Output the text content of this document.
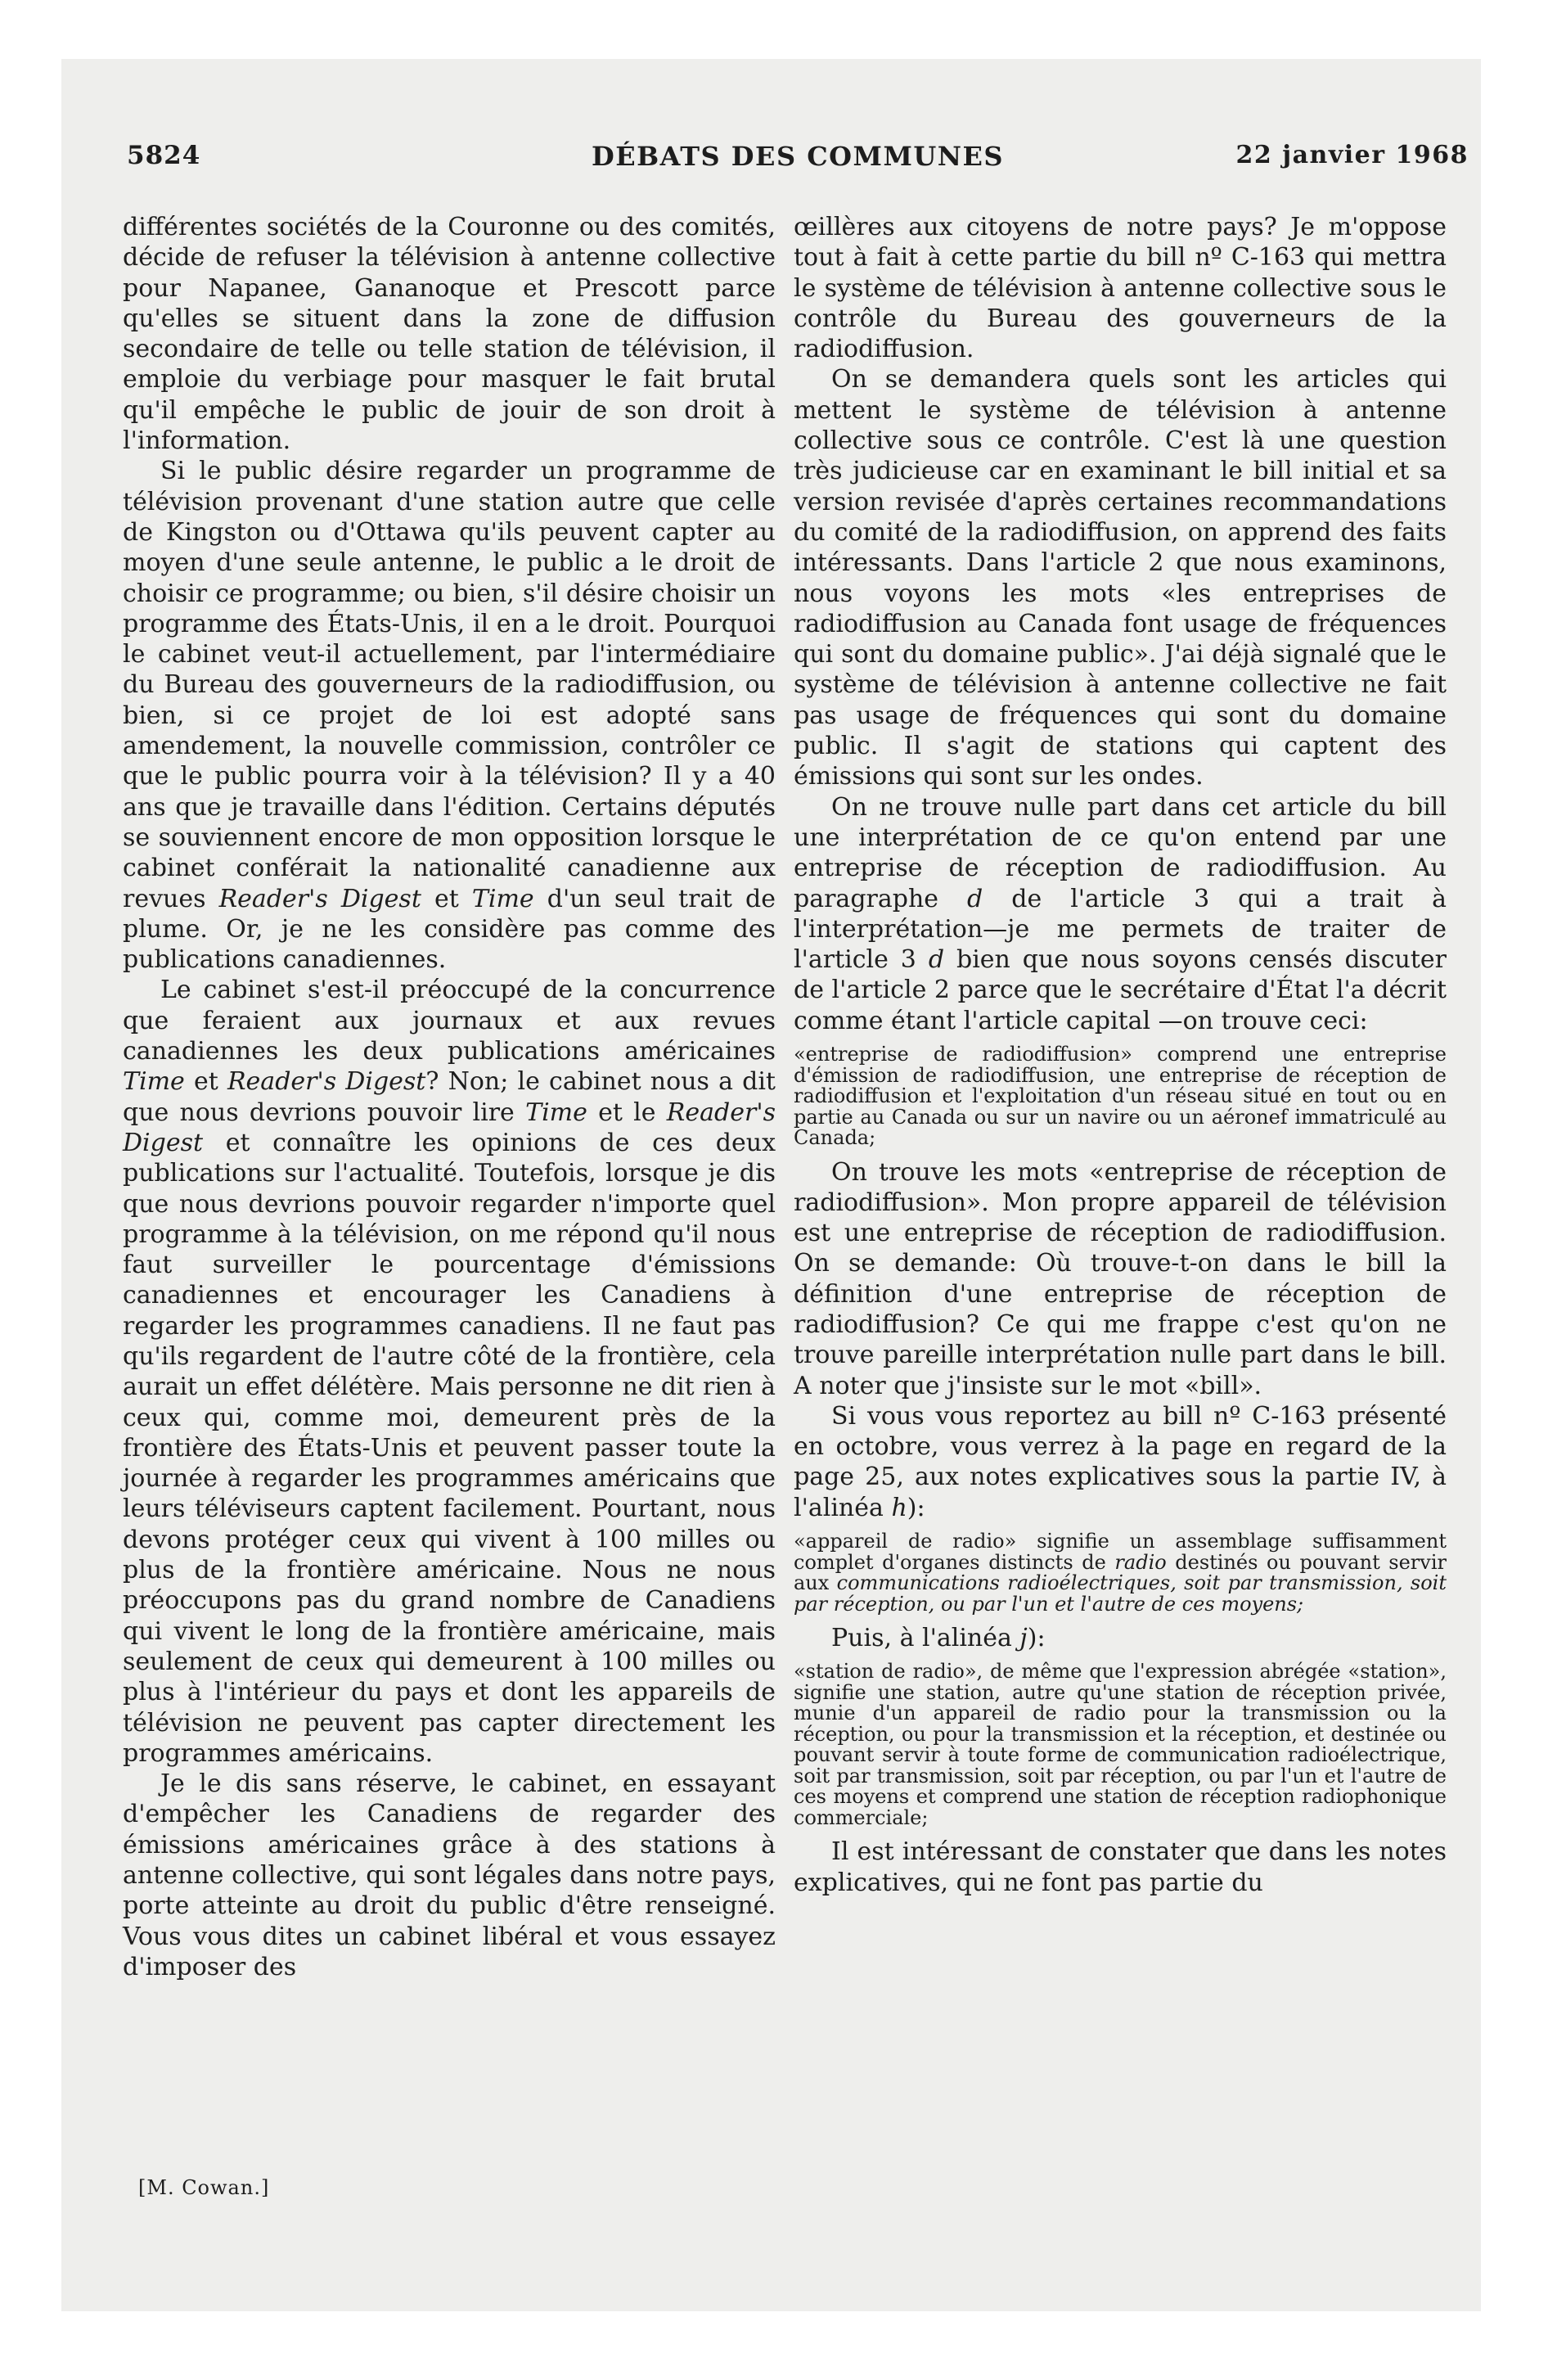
5824	DÉBATS DES COMMUNES	22 janvier 1968

différentes sociétés de la Couronne ou des comités, décide de refuser la télévision à antenne collective pour Napanee, Gananoque et Prescott parce qu'elles se situent dans la zone de diffusion secondaire de telle ou telle station de télévision, il emploie du verbiage pour masquer le fait brutal qu'il empêche le public de jouir de son droit à l'information.

Si le public désire regarder un programme de télévision provenant d'une station autre que celle de Kingston ou d'Ottawa qu'ils peuvent capter au moyen d'une seule antenne, le public a le droit de choisir ce programme; ou bien, s'il désire choisir un programme des États-Unis, il en a le droit. Pourquoi le cabinet veut-il actuellement, par l'intermédiaire du Bureau des gouverneurs de la radiodiffusion, ou bien, si ce projet de loi est adopté sans amendement, la nouvelle commission, contrôler ce que le public pourra voir à la télévision? Il y a 40 ans que je travaille dans l'édition. Certains députés se souviennent encore de mon opposition lorsque le cabinet conférait la nationalité canadienne aux revues Reader's Digest et Time d'un seul trait de plume. Or, je ne les considère pas comme des publications canadiennes.

Le cabinet s'est-il préoccupé de la concurrence que feraient aux journaux et aux revues canadiennes les deux publications américaines Time et Reader's Digest? Non; le cabinet nous a dit que nous devrions pouvoir lire Time et le Reader's Digest et connaître les opinions de ces deux publications sur l'actualité. Toutefois, lorsque je dis que nous devrions pouvoir regarder n'importe quel programme à la télévision, on me répond qu'il nous faut surveiller le pourcentage d'émissions canadiennes et encourager les Canadiens à regarder les programmes canadiens. Il ne faut pas qu'ils regardent de l'autre côté de la frontière, cela aurait un effet délétère. Mais personne ne dit rien à ceux qui, comme moi, demeurent près de la frontière des États-Unis et peuvent passer toute la journée à regarder les programmes américains que leurs téléviseurs captent facilement. Pourtant, nous devons protéger ceux qui vivent à 100 milles ou plus de la frontière américaine. Nous ne nous préoccupons pas du grand nombre de Canadiens qui vivent le long de la frontière américaine, mais seulement de ceux qui demeurent à 100 milles ou plus à l'intérieur du pays et dont les appareils de télévision ne peuvent pas capter directement les programmes américains.

Je le dis sans réserve, le cabinet, en essayant d'empêcher les Canadiens de regarder des émissions américaines grâce à des stations à antenne collective, qui sont légales dans notre pays, porte atteinte au droit du public d'être renseigné. Vous vous dites un cabinet libéral et vous essayez d'imposer des

œillères aux citoyens de notre pays? Je m'oppose tout à fait à cette partie du bill nº C-163 qui mettra le système de télévision à antenne collective sous le contrôle du Bureau des gouverneurs de la radiodiffusion.

On se demandera quels sont les articles qui mettent le système de télévision à antenne collective sous ce contrôle. C'est là une question très judicieuse car en examinant le bill initial et sa version revisée d'après certaines recommandations du comité de la radiodiffusion, on apprend des faits intéressants. Dans l'article 2 que nous examinons, nous voyons les mots «les entreprises de radiodiffusion au Canada font usage de fréquences qui sont du domaine public». J'ai déjà signalé que le système de télévision à antenne collective ne fait pas usage de fréquences qui sont du domaine public. Il s'agit de stations qui captent des émissions qui sont sur les ondes.

On ne trouve nulle part dans cet article du bill une interprétation de ce qu'on entend par une entreprise de réception de radiodiffusion. Au paragraphe d de l'article 3 qui a trait à l'interprétation—je me permets de traiter de l'article 3 d bien que nous soyons censés discuter de l'article 2 parce que le secrétaire d'État l'a décrit comme étant l'article capital —on trouve ceci:

«entreprise de radiodiffusion» comprend une entreprise d'émission de radiodiffusion, une entreprise de réception de radiodiffusion et l'exploitation d'un réseau situé en tout ou en partie au Canada ou sur un navire ou un aéronef immatriculé au Canada;

On trouve les mots «entreprise de réception de radiodiffusion». Mon propre appareil de télévision est une entreprise de réception de radiodiffusion. On se demande: Où trouve-t-on dans le bill la définition d'une entreprise de réception de radiodiffusion? Ce qui me frappe c'est qu'on ne trouve pareille interprétation nulle part dans le bill. A noter que j'insiste sur le mot «bill».

Si vous vous reportez au bill nº C-163 présenté en octobre, vous verrez à la page en regard de la page 25, aux notes explicatives sous la partie IV, à l'alinéa h):

«appareil de radio» signifie un assemblage suffisamment complet d'organes distincts de radio destinés ou pouvant servir aux communications radioélectriques, soit par transmission, soit par réception, ou par l'un et l'autre de ces moyens;

Puis, à l'alinéa j):

«station de radio», de même que l'expression abrégée «station», signifie une station, autre qu'une station de réception privée, munie d'un appareil de radio pour la transmission ou la réception, ou pour la transmission et la réception, et destinée ou pouvant servir à toute forme de communication radioélectrique, soit par transmission, soit par réception, ou par l'un et l'autre de ces moyens et comprend une station de réception radiophonique commerciale;

Il est intéressant de constater que dans les notes explicatives, qui ne font pas partie du

[M. Cowan.]
